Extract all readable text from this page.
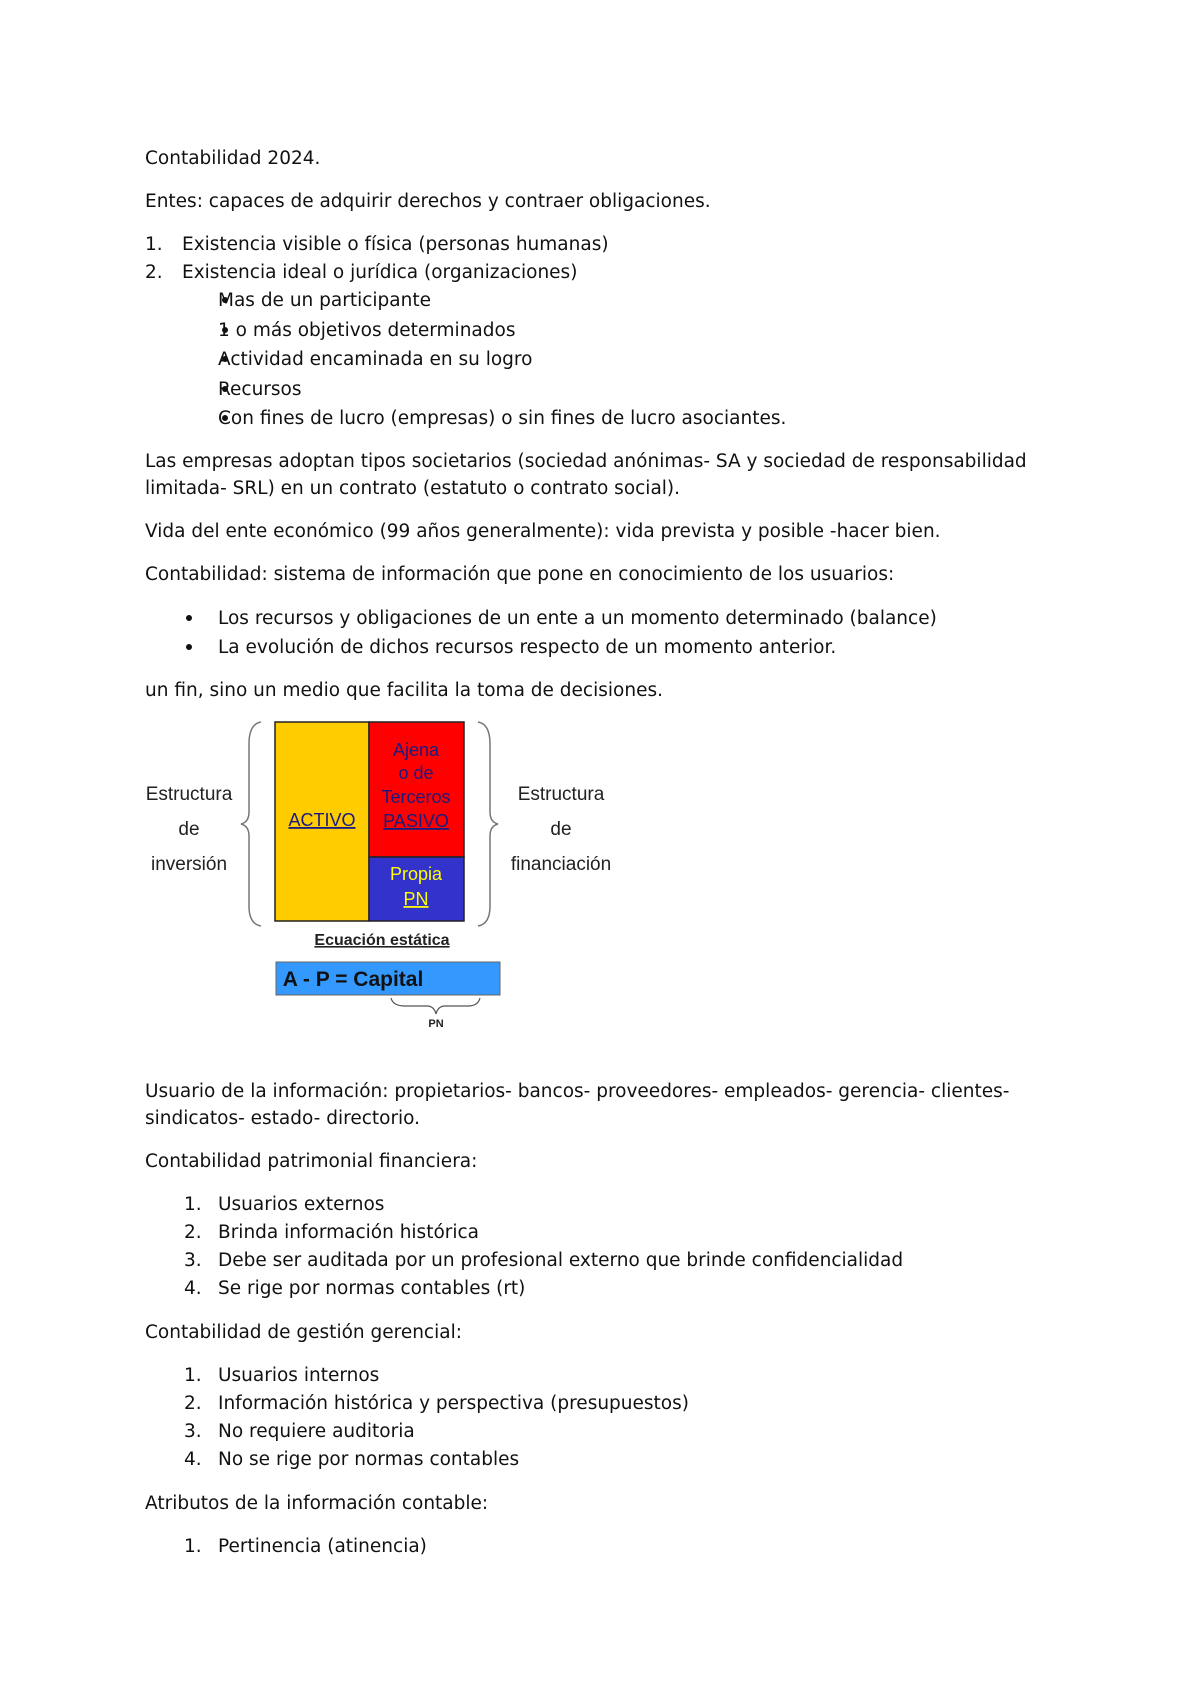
Contabilidad 2024.

Entes: capaces de adquirir derechos y contraer obligaciones.

1. Existencia visible o física (personas humanas)
2. Existencia ideal o jurídica (organizaciones)
Mas de un participante
1 o más objetivos determinados
Actividad encaminada en su logro
Recursos
Con fines de lucro (empresas) o sin fines de lucro asociantes.

Las empresas adoptan tipos societarios (sociedad anónimas- SA y sociedad de responsabilidad limitada- SRL) en un contrato (estatuto o contrato social).

Vida del ente económico (99 años generalmente): vida prevista y posible -hacer bien.

Contabilidad: sistema de información que pone en conocimiento de los usuarios:

Los recursos y obligaciones de un ente a un momento determinado (balance)
La evolución de dichos recursos respecto de un momento anterior.

un fin, sino un medio que facilita la toma de decisiones.

Estructura
de
inversión
ACTIVO
Ajena
o de
Terceros
PASIVO
Propia
PN
Estructura
de
financiación
Ecuación estática
A - P = Capital
PN

Usuario de la información: propietarios- bancos- proveedores- empleados- gerencia- clientes- sindicatos- estado- directorio.

Contabilidad patrimonial financiera:

1. Usuarios externos
2. Brinda información histórica
3. Debe ser auditada por un profesional externo que brinde confidencialidad
4. Se rige por normas contables (rt)

Contabilidad de gestión gerencial:

1. Usuarios internos
2. Información histórica y perspectiva (presupuestos)
3. No requiere auditoria
4. No se rige por normas contables

Atributos de la información contable:

1. Pertinencia (atinencia)
